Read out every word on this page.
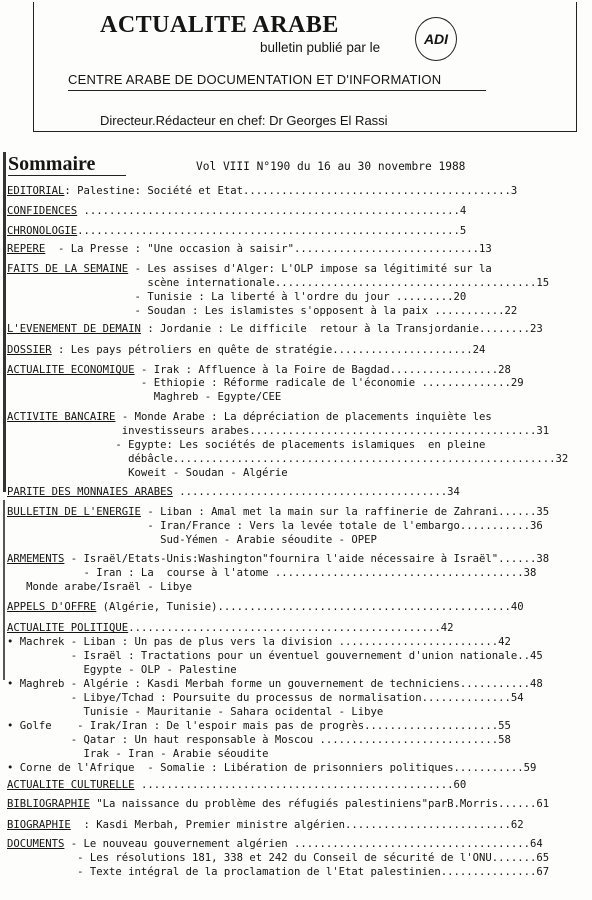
ACTUALITE ARABE
bulletin publié par le
ADI
CENTRE ARABE DE DOCUMENTATION ET D'INFORMATION
Directeur.Rédacteur en chef: Dr Georges El Rassi
Sommaire	Vol VIII N°190 du 16 au 30 novembre 1988
EDITORIAL: Palestine: Société et Etat..........................................3
CONFIDENCES ...........................................................4
CHRONOLOGIE............................................................5
REPERE  - La Presse : "Une occasion à saisir".............................13
FAITS DE LA SEMAINE - Les assises d'Alger: L'OLP impose sa légitimité sur la
scène internationale.........................................15
- Tunisie : La liberté à l'ordre du jour .........20
- Soudan : Les islamistes s'opposent à la paix ...........22
L'EVENEMENT DE DEMAIN : Jordanie : Le difficile  retour à la Transjordanie........23
DOSSIER : Les pays pétroliers en quête de stratégie......................24
ACTUALITE ECONOMIQUE - Irak : Affluence à la Foire de Bagdad.................28
- Ethiopie : Réforme radicale de l'économie ..............29
Maghreb - Egypte/CEE
ACTIVITE BANCAIRE - Monde Arabe : La dépréciation de placements inquiète les
investisseurs arabes.............................................31
- Egypte: Les sociétés de placements islamiques  en pleine
débâcle............................................................32
Koweit - Soudan - Algérie
PARITE DES MONNAIES ARABES ..........................................34
BULLETIN DE L'ENERGIE - Liban : Amal met la main sur la raffinerie de Zahrani......35
- Iran/France : Vers la levée totale de l'embargo...........36
Sud-Yémen - Arabie séoudite - OPEP
ARMEMENTS - Israël/Etats-Unis:Washington"fournira l'aide nécessaire à Israël"......38
- Iran : La  course à l'atome .......................................38
Monde arabe/Israël - Libye
APPELS D'OFFRE (Algérie, Tunisie)..............................................40
ACTUALITE POLITIQUE.................................................42
• Machrek - Liban : Un pas de plus vers la division .........................42
- Israël : Tractations pour un éventuel gouvernement d'union nationale..45
Egypte - OLP - Palestine
• Maghreb - Algérie : Kasdi Merbah forme un gouvernement de techniciens...........48
- Libye/Tchad : Poursuite du processus de normalisation..............54
Tunisie - Mauritanie - Sahara ocidental - Libye
• Golfe    - Irak/Iran : De l'espoir mais pas de progrès.....................55
- Qatar : Un haut responsable à Moscou ............................58
Irak - Iran - Arabie séoudite
• Corne de l'Afrique  - Somalie : Libération de prisonniers politiques...........59
ACTUALITE CULTURELLE .................................................60
BIBLIOGRAPHIE "La naissance du problème des réfugiés palestiniens"parB.Morris......61
BIOGRAPHIE  : Kasdi Merbah, Premier ministre algérien..........................62
DOCUMENTS - Le nouveau gouvernement algérien .....................................64
- Les résolutions 181, 338 et 242 du Conseil de sécurité de l'ONU.......65
- Texte intégral de la proclamation de l'Etat palestinien...............67
